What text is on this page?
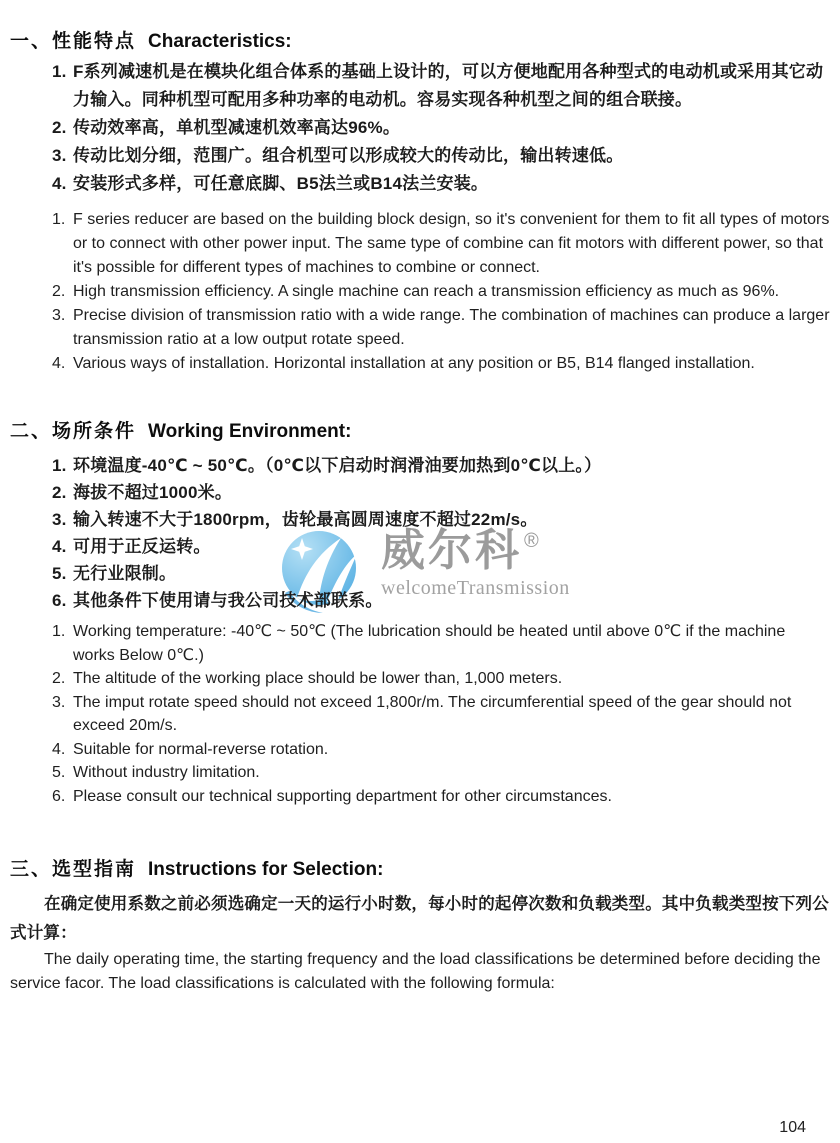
威尔科 ®
welcomeTransmission
一、性能特点 Characteristics:
1. F系列减速机是在模块化组合体系的基础上设计的，可以方便地配用各种型式的电动机或采用其它动力输入。同种机型可配用多种功率的电动机。容易实现各种机型之间的组合联接。
2. 传动效率高，单机型减速机效率高达96%。
3. 传动比划分细，范围广。组合机型可以形成较大的传动比，输出转速低。
4. 安装形式多样，可任意底脚、B5法兰或B14法兰安装。
1. F series reducer are based on the building block design, so it's convenient for them to fit all types of motors or to connect with other power input. The same type of combine can fit motors with different power, so that it's possible for different types of machines to combine or connect.
2. High transmission efficiency. A single machine can reach a transmission efficiency as much as 96%.
3. Precise division of transmission ratio with a wide range. The combination of machines can produce a larger transmission ratio at a low output rotate speed.
4. Various ways of installation. Horizontal installation at any position or B5, B14 flanged installation.
二、场所条件 Working Environment:
1. 环境温度-40℃ ~ 50℃。（0℃以下启动时润滑油要加热到0℃以上。）
2. 海拔不超过1000米。
3. 输入转速不大于1800rpm，齿轮最高圆周速度不超过22m/s。
4. 可用于正反运转。
5. 无行业限制。
6. 其他条件下使用请与我公司技术部联系。
1. Working temperature: -40℃ ~ 50℃ (The lubrication should be heated until above 0℃ if the machine works Below 0℃.)
2. The altitude of the working place should be lower than, 1,000 meters.
3. The imput rotate speed should not exceed 1,800r/m. The circumferential speed of the gear should not exceed 20m/s.
4. Suitable for normal-reverse rotation.
5. Without industry limitation.
6. Please consult our technical supporting department for other circumstances.
三、选型指南 Instructions for Selection:

在确定使用系数之前必须选确定一天的运行小时数，每小时的起停次数和负载类型。其中负载类型按下列公式计算：

The daily operating time, the starting frequency and the load classifications be determined before deciding the service facor. The load classifications is calculated with the following formula:

104
